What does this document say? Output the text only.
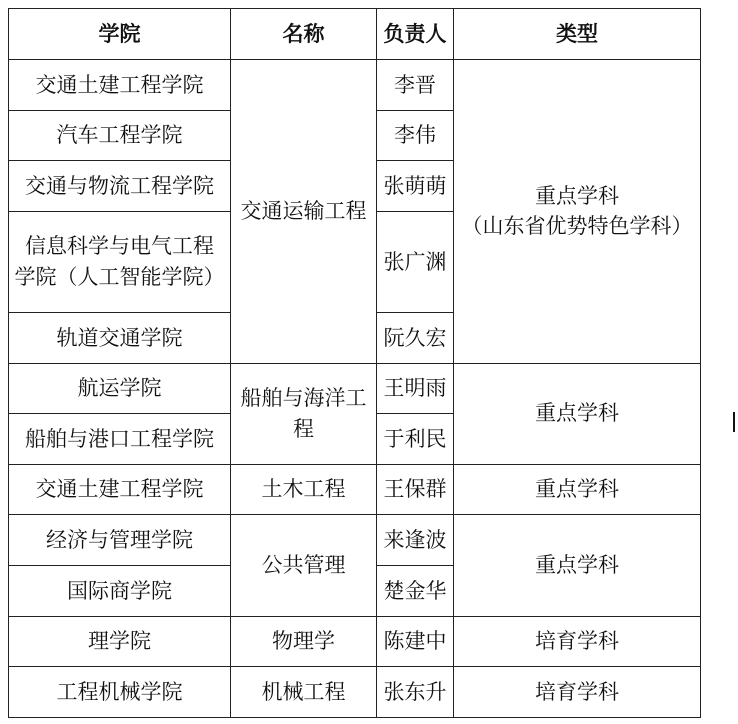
学院	名称	负责人	类型
交通土建工程学院	交通运输工程	李晋	重点学科
（山东省优势特色学科）

汽车工程学院		李伟	
交通与物流工程学院		张萌萌	

信息科学与电气工程
学院（人工智能学院）		张广渊	

轨道交通学院		阮久宏	
航运学院	船舶与海洋工
程	王明雨	重点学科
船舶与港口工程学院		于利民	
交通土建工程学院	土木工程	王保群	重点学科
经济与管理学院	公共管理	来逢波	重点学科
国际商学院		楚金华	
理学院	物理学	陈建中	培育学科
工程机械学院	机械工程	张东升	培育学科
